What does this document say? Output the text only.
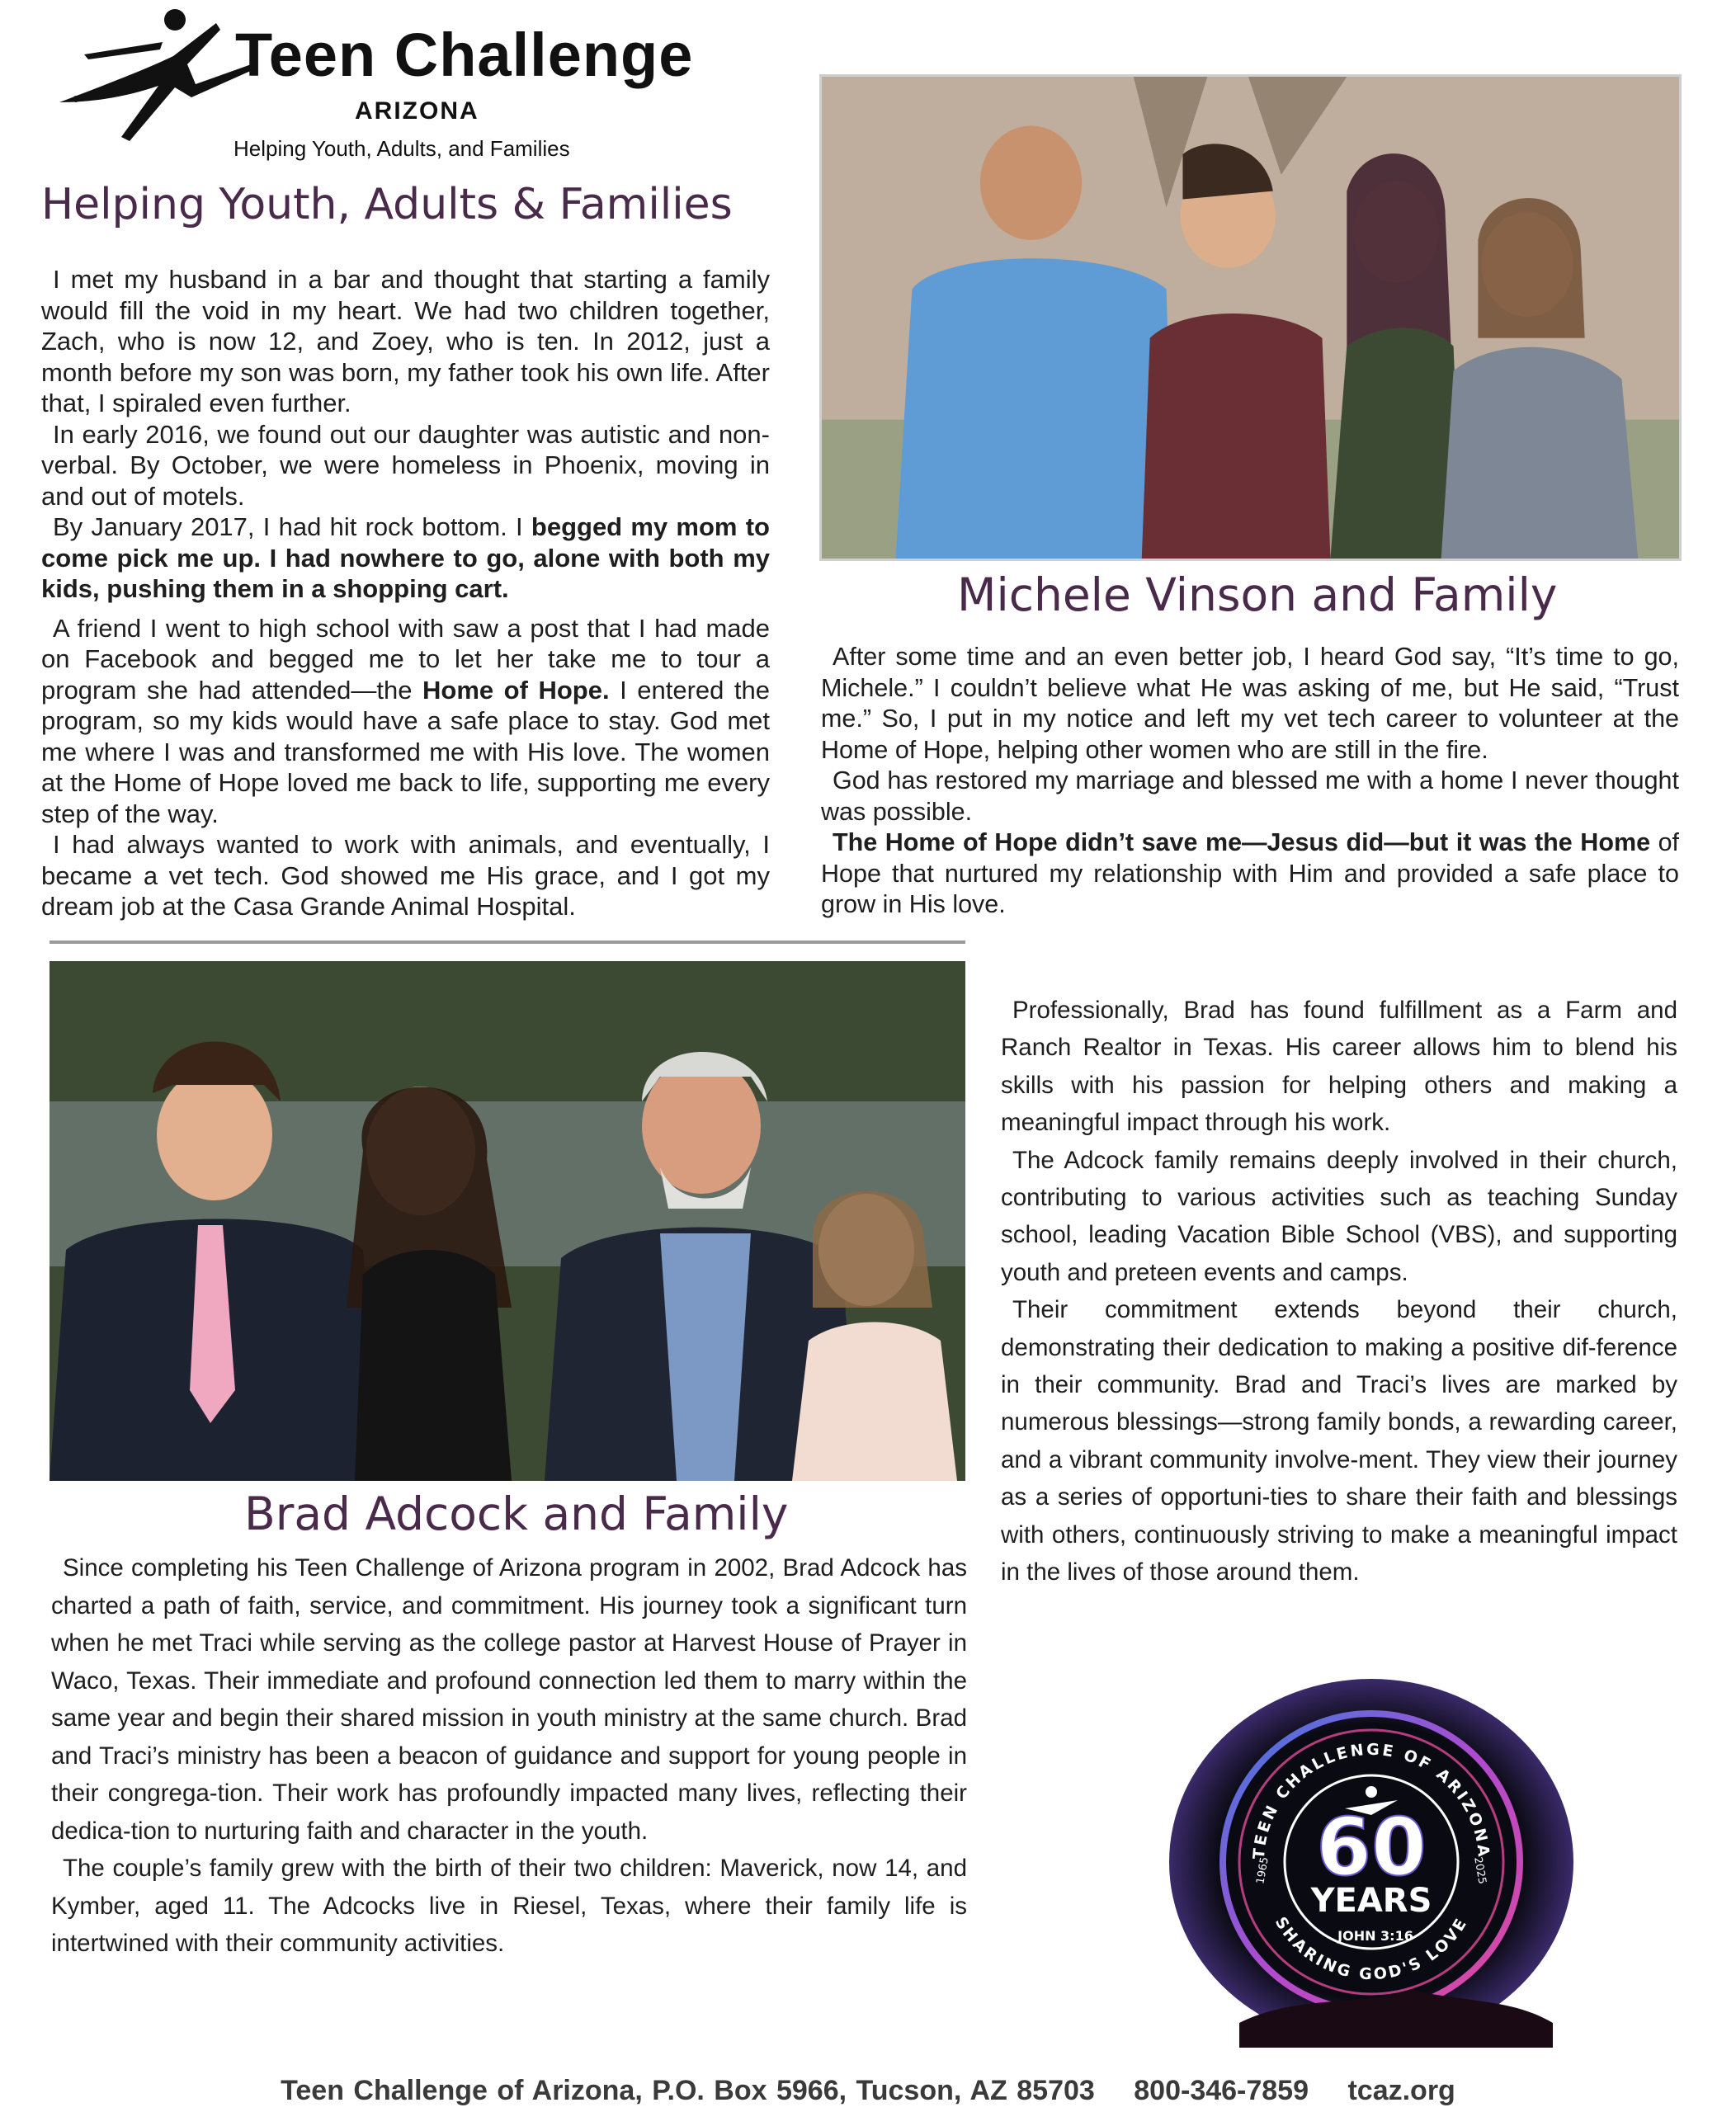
®
Teen Challenge
ARIZONA
Helping Youth, Adults, and Families
Helping Youth, Adults & Families

I met my husband in a bar and thought that starting a family would fill the void in my heart. We had two children together, Zach, who is now 12, and Zoey, who is ten. In 2012, just a month before my son was born, my father took his own life. After that, I spiraled even further.

In early 2016, we found out our daughter was autistic and non-verbal. By October, we were homeless in Phoenix, moving in and out of motels.

By January 2017, I had hit rock bottom. I begged my mom to come pick me up. I had nowhere to go, alone with both my kids, pushing them in a shopping cart.

A friend I went to high school with saw a post that I had made on Facebook and begged me to let her take me to tour a program she had attended—the Home of Hope. I entered the program, so my kids would have a safe place to stay. God met me where I was and transformed me with His love. The women at the Home of Hope loved me back to life, supporting me every step of the way.

I had always wanted to work with animals, and eventually, I became a vet tech. God showed me His grace, and I got my dream job at the Casa Grande Animal Hospital.

Michele Vinson and Family

After some time and an even better job, I heard God say, “It’s time to go, Michele.” I couldn’t believe what He was asking of me, but He said, “Trust me.” So, I put in my notice and left my vet tech career to volunteer at the Home of Hope, helping other women who are still in the fire.

God has restored my marriage and blessed me with a home I never thought was possible.

The Home of Hope didn’t save me—Jesus did—but it was the Home of Hope that nurtured my relationship with Him and provided a safe place to grow in His love.

Brad Adcock and Family

Since completing his Teen Challenge of Arizona program in 2002, Brad Adcock has charted a path of faith, service, and commitment. His journey took a significant turn when he met Traci while serving as the college pastor at Harvest House of Prayer in Waco, Texas. Their immediate and profound connection led them to marry within the same year and begin their shared mission in youth ministry at the same church. Brad and Traci’s ministry has been a beacon of guidance and support for young people in their congrega-tion. Their work has profoundly impacted many lives, reflecting their dedica-tion to nurturing faith and character in the youth.

The couple’s family grew with the birth of their two children: Maverick, now 14, and Kymber, aged 11. The Adcocks live in Riesel, Texas, where their family life is intertwined with their community activities.

Professionally, Brad has found fulfillment as a Farm and Ranch Realtor in Texas. His career allows him to blend his skills with his passion for helping others and making a meaningful impact through his work.

The Adcock family remains deeply involved in their church, contributing to various activities such as teaching Sunday school, leading Vacation Bible School (VBS), and supporting youth and preteen events and camps.

Their commitment extends beyond their church, demonstrating their dedication to making a positive dif-ference in their community. Brad and Traci’s lives are marked by numerous blessings—strong family bonds, a rewarding career, and a vibrant community involve-ment. They view their journey as a series of opportuni-ties to share their faith and blessings with others, continuously striving to make a meaningful impact in the lives of those around them.

TEEN CHALLENGE OF ARIZONA
SHARING GOD'S LOVE
1965	2025
60
YEARS
JOHN 3:16
Teen Challenge of Arizona, P.O. Box 5966, Tucson, AZ 85703 800-346-7859 tcaz.org
